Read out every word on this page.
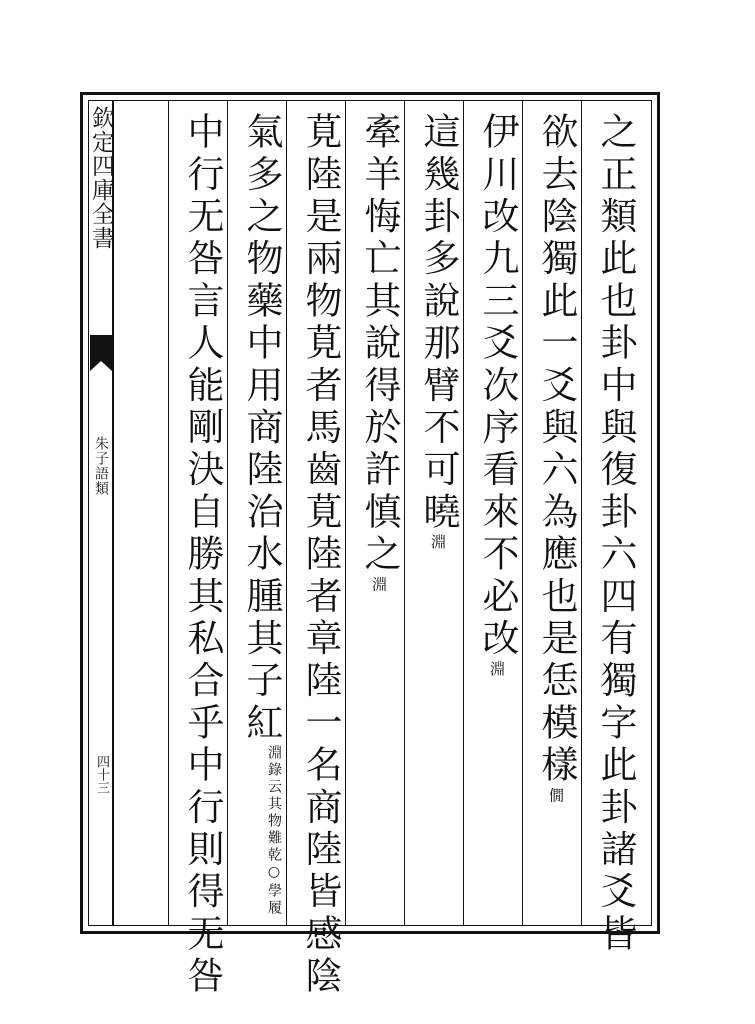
欽定四庫全書
朱子語類
四十三	之正類此也卦中與復卦六四有獨字此卦諸爻皆
欲去陰獨此一爻與六為應也是恁模樣僩
伊川改九三爻次序看來不必改淵
這幾卦多說那臂不可曉淵
牽羊悔亡其說得於許慎之淵
莧陸是兩物莧者馬齒莧陸者章陸一名商陸皆感陰
氣多之物藥中用商陸治水腫其子紅淵錄云其物難乾○學履
中行无咎言人能剛決自勝其私合乎中行則得无咎
